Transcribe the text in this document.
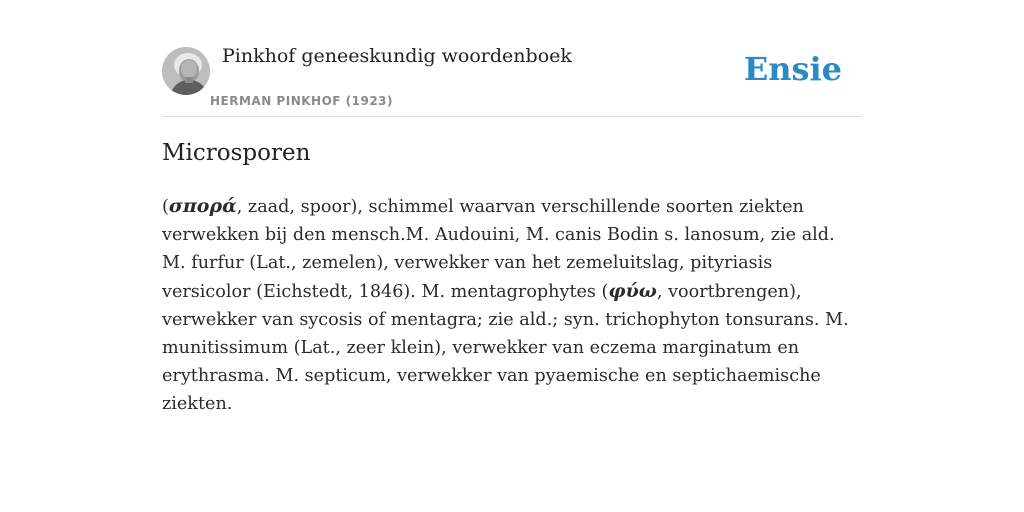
Pinkhof geneeskundig woordenboek
HERMAN PINKHOF (1923)
Ensie
Microsporen
(σπορά, zaad, spoor), schimmel waarvan verschillende soorten ziekten verwekken bij den mensch.M. Audouini, M. canis Bodin s. lanosum, zie ald. M. furfur (Lat., zemelen), verwekker van het zemeluitslag, pityriasis versicolor (Eichstedt, 1846). M. mentagrophytes (φύω, voortbrengen), verwekker van sycosis of mentagra; zie ald.; syn. trichophyton tonsurans. M. munitissimum (Lat., zeer klein), verwekker van eczema marginatum en erythrasma. M. septicum, verwekker van pyaemische en septichaemische ziekten.
